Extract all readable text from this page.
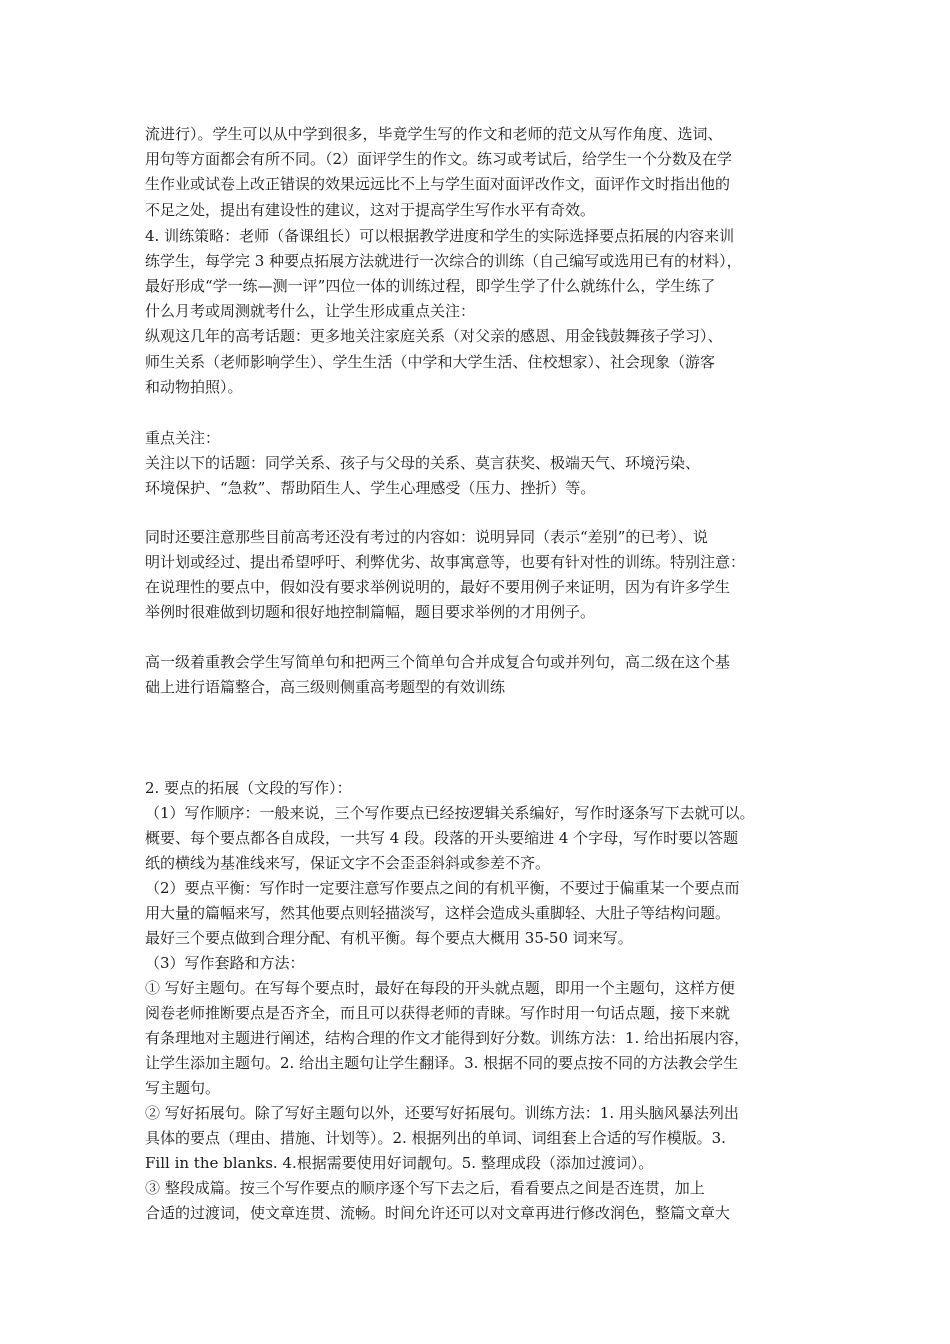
流进行）。学生可以从中学到很多，毕竟学生写的作文和老师的范文从写作角度、选词、
用句等方面都会有所不同。（2）面评学生的作文。练习或考试后，给学生一个分数及在学
生作业或试卷上改正错误的效果远远比不上与学生面对面评改作文，面评作文时指出他的
不足之处，提出有建设性的建议，这对于提高学生写作水平有奇效。
4. 训练策略：老师（备课组长）可以根据教学进度和学生的实际选择要点拓展的内容来训
练学生，每学完 3 种要点拓展方法就进行一次综合的训练（自己编写或选用已有的材料），
最好形成“学一练—测一评”四位一体的训练过程，即学生学了什么就练什么，学生练了
什么月考或周测就考什么，让学生形成重点关注：
纵观这几年的高考话题：更多地关注家庭关系（对父亲的感恩、用金钱鼓舞孩子学习）、
师生关系（老师影响学生）、学生生活（中学和大学生活、住校想家）、社会现象（游客
和动物拍照）。
重点关注：
关注以下的话题：同学关系、孩子与父母的关系、莫言获奖、极端天气、环境污染、
环境保护、“急救”、帮助陌生人、学生心理感受（压力、挫折）等。
同时还要注意那些目前高考还没有考过的内容如：说明异同（表示“差别”的已考）、说
明计划或经过、提出希望呼吁、利弊优劣、故事寓意等，也要有针对性的训练。特别注意：
在说理性的要点中，假如没有要求举例说明的，最好不要用例子来证明，因为有许多学生
举例时很难做到切题和很好地控制篇幅，题目要求举例的才用例子。
高一级着重教会学生写简单句和把两三个简单句合并成复合句或并列句，高二级在这个基
础上进行语篇整合，高三级则侧重高考题型的有效训练
2. 要点的拓展（文段的写作）：
（1）写作顺序：一般来说，三个写作要点已经按逻辑关系编好，写作时逐条写下去就可以。
概要、每个要点都各自成段，一共写 4 段。段落的开头要缩进 4 个字母，写作时要以答题
纸的横线为基准线来写，保证文字不会歪歪斜斜或参差不齐。
（2）要点平衡：写作时一定要注意写作要点之间的有机平衡，不要过于偏重某一个要点而
用大量的篇幅来写，然其他要点则轻描淡写，这样会造成头重脚轻、大肚子等结构问题。
最好三个要点做到合理分配、有机平衡。每个要点大概用 35-50 词来写。
（3）写作套路和方法：
① 写好主题句。在写每个要点时，最好在每段的开头就点题，即用一个主题句，这样方便
阅卷老师推断要点是否齐全，而且可以获得老师的青睐。写作时用一句话点题，接下来就
有条理地对主题进行阐述，结构合理的作文才能得到好分数。训练方法：1. 给出拓展内容，
让学生添加主题句。2. 给出主题句让学生翻译。3. 根据不同的要点按不同的方法教会学生
写主题句。
② 写好拓展句。除了写好主题句以外，还要写好拓展句。训练方法：1. 用头脑风暴法列出
具体的要点（理由、措施、计划等）。2. 根据列出的单词、词组套上合适的写作模版。3.
Fill in the blanks. 4.根据需要使用好词靓句。5. 整理成段（添加过渡词）。
③ 整段成篇。按三个写作要点的顺序逐个写下去之后，看看要点之间是否连贯，加上
合适的过渡词，使文章连贯、流畅。时间允许还可以对文章再进行修改润色，整篇文章大
